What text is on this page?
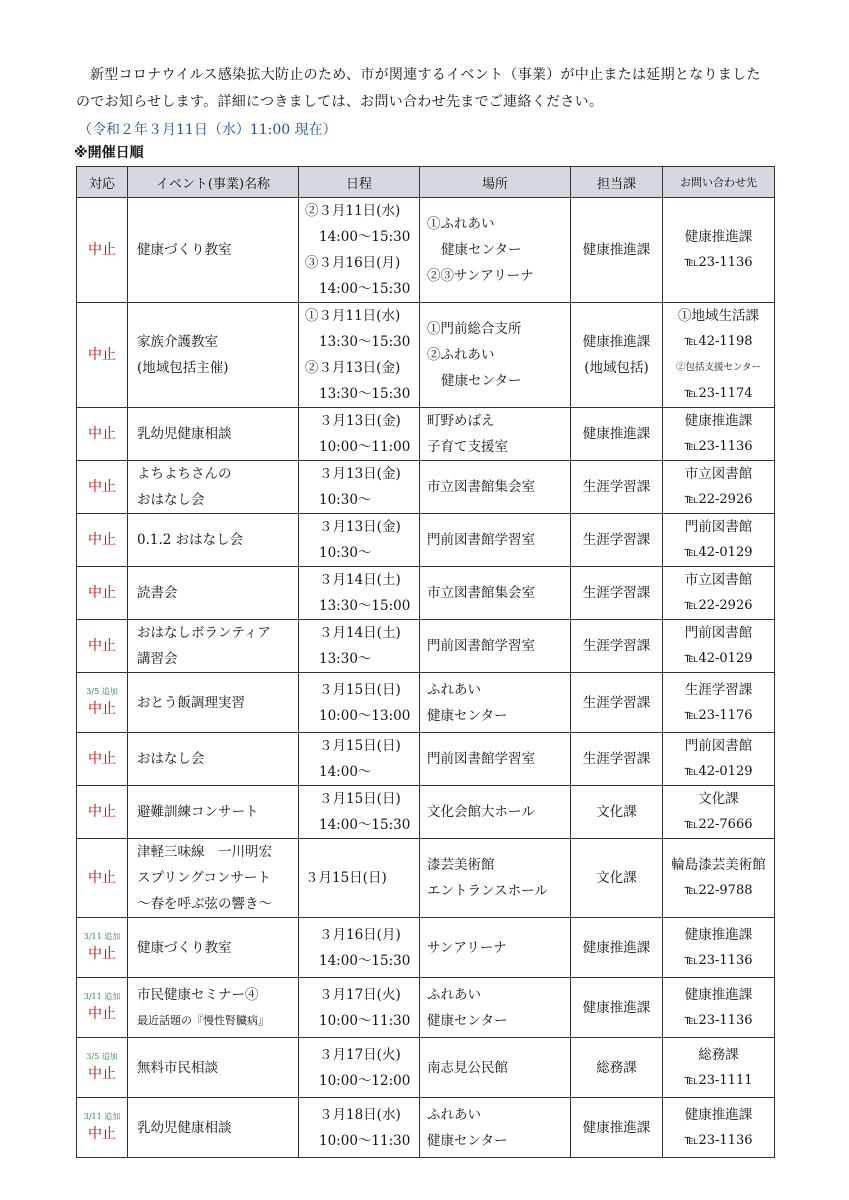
新型コロナウイルス感染拡大防止のため、市が関連するイベント（事業）が中止または延期となりましたのでお知らせします。詳細につきましては、お問い合わせ先までご連絡ください。

（令和２年３月11日（水）11:00 現在）
※開催日順
対応	イベント(事業)名称	日程	場所	担当課	お問い合わせ先

中止	健康づくり教室	②３月11日(水)
14:00～15:30
③３月16日(月)
14:00～15:30	①ふれあい
健康センター
②③サンアリーナ	健康推進課	健康推進課
℡23-1136

中止	家族介護教室
(地域包括主催)	①３月11日(水)
13:30～15:30
②３月13日(金)
13:30～15:30	①門前総合支所
②ふれあい
健康センター	健康推進課
(地域包括)	①地域生活課
℡42-1198
②包括支援センター
℡23-1174

中止	乳幼児健康相談	３月13日(金)
10:00～11:00	町野めばえ
子育て支援室	健康推進課	健康推進課
℡23-1136

中止	よちよちさんの
おはなし会	３月13日(金)
10:30～	市立図書館集会室	生涯学習課	市立図書館
℡22-2926

中止	0.1.2 おはなし会	３月13日(金)
10:30～	門前図書館学習室	生涯学習課	門前図書館
℡42-0129

中止	読書会	３月14日(土)
13:30～15:00	市立図書館集会室	生涯学習課	市立図書館
℡22-2926

中止	おはなしボランティア
講習会	３月14日(土)
13:30～	門前図書館学習室	生涯学習課	門前図書館
℡42-0129

3/5 追加
中止	おとう飯調理実習	３月15日(日)
10:00～13:00	ふれあい
健康センター	生涯学習課	生涯学習課
℡23-1176

中止	おはなし会	３月15日(日)
14:00～	門前図書館学習室	生涯学習課	門前図書館
℡42-0129

中止	避難訓練コンサート	３月15日(日)
14:00～15:30	文化会館大ホール	文化課	文化課
℡22-7666

中止	津軽三味線　一川明宏
スプリングコンサート
～春を呼ぶ弦の響き～	３月15日(日)	漆芸美術館
エントランスホール	文化課	輪島漆芸美術館
℡22-9788

3/11 追加
中止	健康づくり教室	３月16日(月)
14:00～15:30	サンアリーナ	健康推進課	健康推進課
℡23-1136

3/11 追加
中止	市民健康セミナー④
最近話題の『慢性腎臓病』	３月17日(火)
10:00～11:30	ふれあい
健康センター	健康推進課	健康推進課
℡23-1136

3/5 追加
中止	無料市民相談	３月17日(火)
10:00～12:00	南志見公民館	総務課	総務課
℡23-1111

3/11 追加
中止	乳幼児健康相談	３月18日(水)
10:00～11:30	ふれあい
健康センター	健康推進課	健康推進課
℡23-1136
